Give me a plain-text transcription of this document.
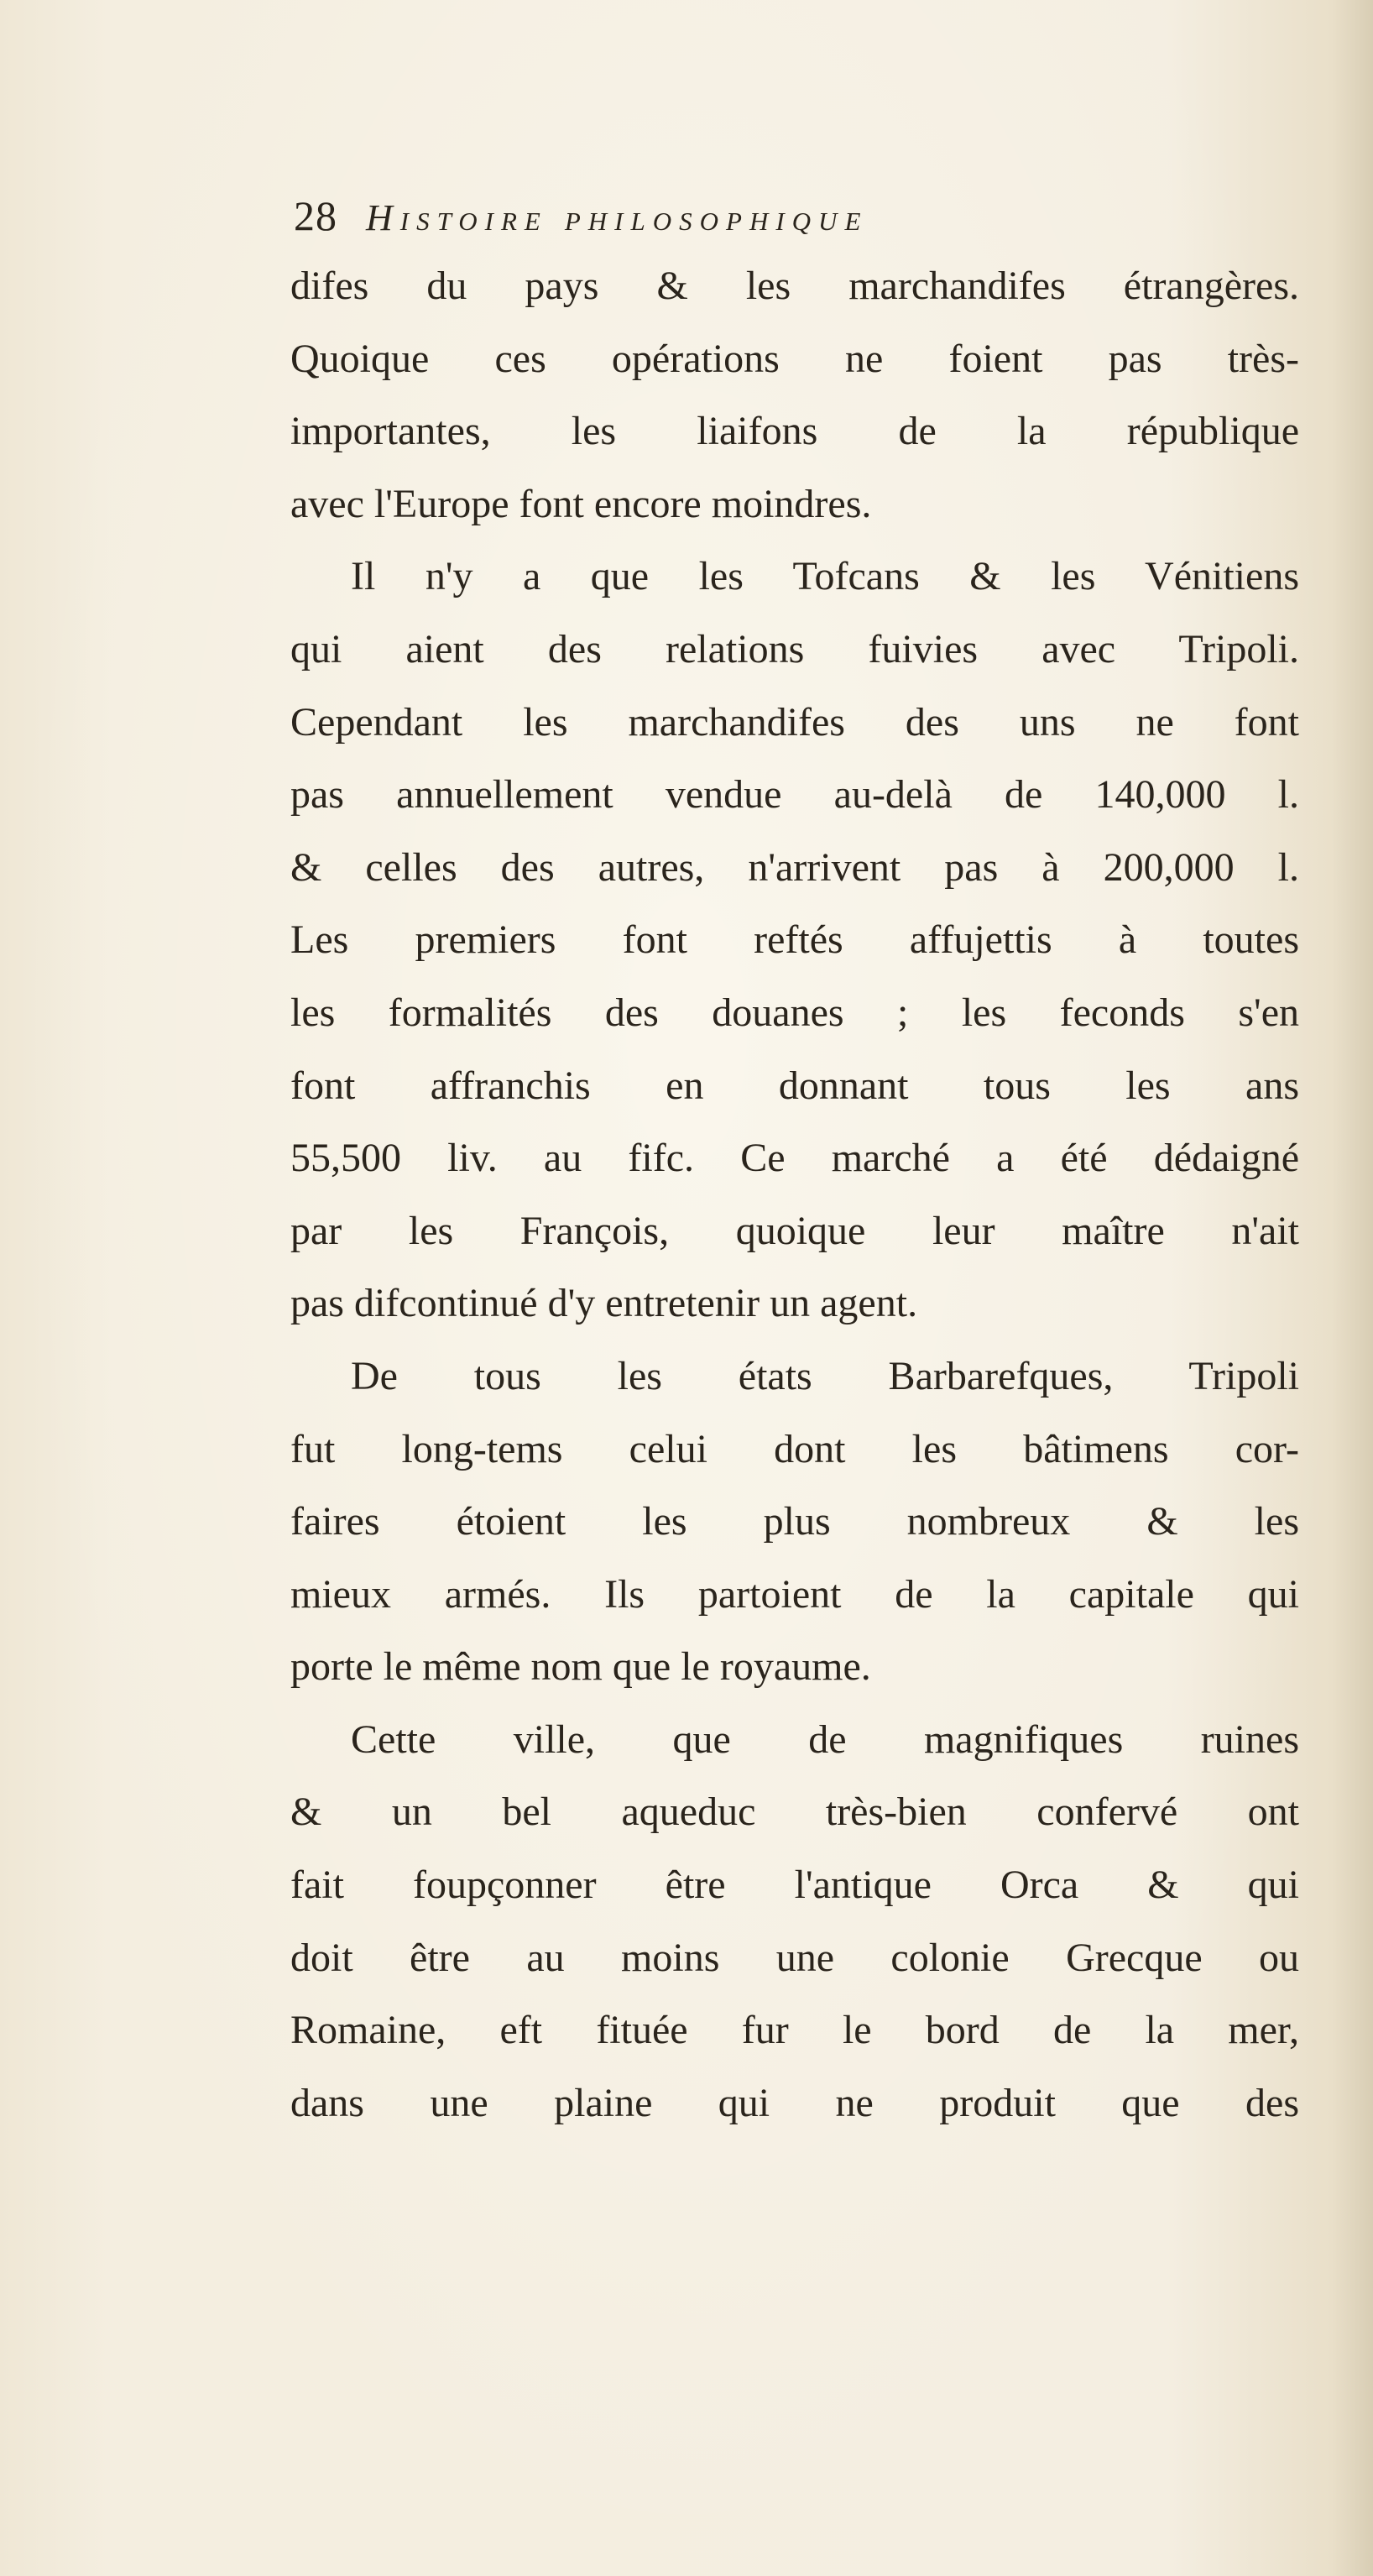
28 Histoire philosophique
difes du pays & les marchandifes étrangères.
Quoique ces opérations ne foient pas très-
importantes, les liaifons de la république
avec l'Europe font encore moindres.
Il n'y a que les Tofcans & les Vénitiens
qui aient des relations fuivies avec Tripoli.
Cependant les marchandifes des uns ne font
pas annuellement vendue au-delà de 140,000 l.
& celles des autres, n'arrivent pas à 200,000 l.
Les premiers font reftés affujettis à toutes
les formalités des douanes ; les feconds s'en
font affranchis en donnant tous les ans
55,500 liv. au fifc. Ce marché a été dédaigné
par les François, quoique leur maître n'ait
pas difcontinué d'y entretenir un agent.
De tous les états Barbarefques, Tripoli
fut long-tems celui dont les bâtimens cor-
faires étoient les plus nombreux & les
mieux armés. Ils partoient de la capitale qui
porte le même nom que le royaume.
Cette ville, que de magnifiques ruines
& un bel aqueduc très-bien confervé ont
fait foupçonner être l'antique Orca & qui
doit être au moins une colonie Grecque ou
Romaine, eft fituée fur le bord de la mer,
dans une plaine qui ne produit que des
